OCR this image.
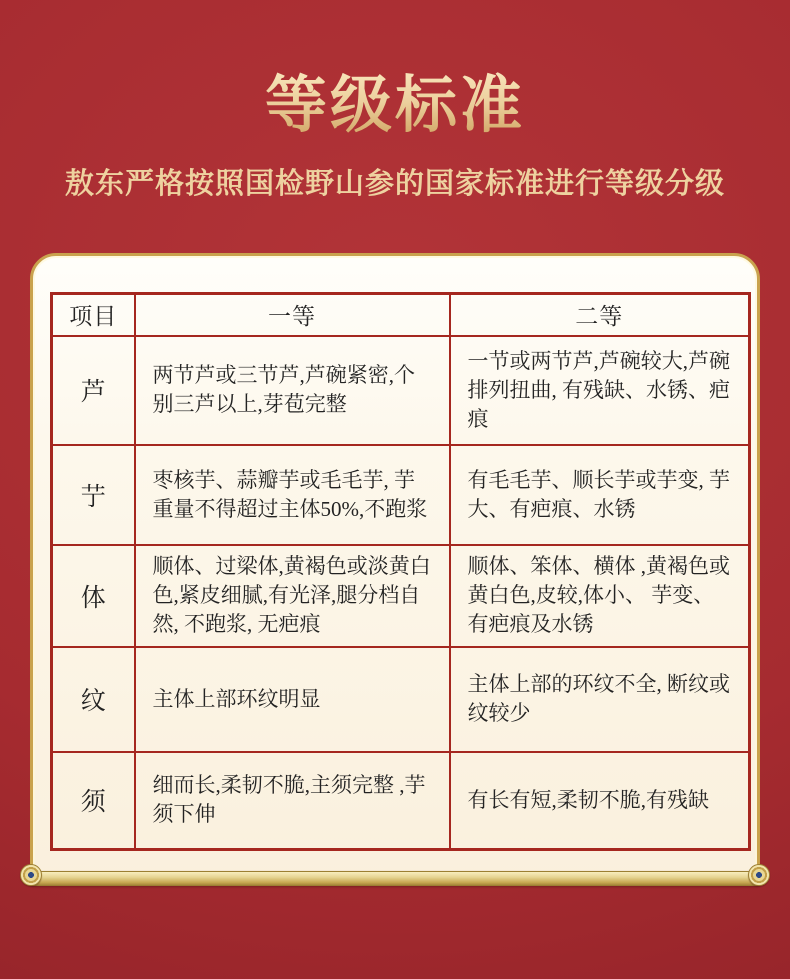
等级标准

敖东严格按照国检野山参的国家标准进行等级分级

项目	一等	二等
芦	两节芦或三节芦,芦碗紧密,个别三芦以上,芽苞完整	一节或两节芦,芦碗较大,芦碗排列扭曲, 有残缺、水锈、疤痕
艼	枣核芋、蒜瓣芋或毛毛芋, 芋重量不得超过主体50%,不跑浆	有毛毛芋、顺长芋或芋变, 芋大、有疤痕、水锈
体	顺体、过梁体,黄褐色或淡黄白色,紧皮细腻,有光泽,腿分档自然, 不跑浆, 无疤痕	顺体、笨体、横体 ,黄褐色或黄白色,皮较,体小、 芋变、 有疤痕及水锈
纹	主体上部环纹明显	主体上部的环纹不全, 断纹或纹较少
须	细而长,柔韧不脆,主须完整 ,芋须下伸	有长有短,柔韧不脆,有残缺
